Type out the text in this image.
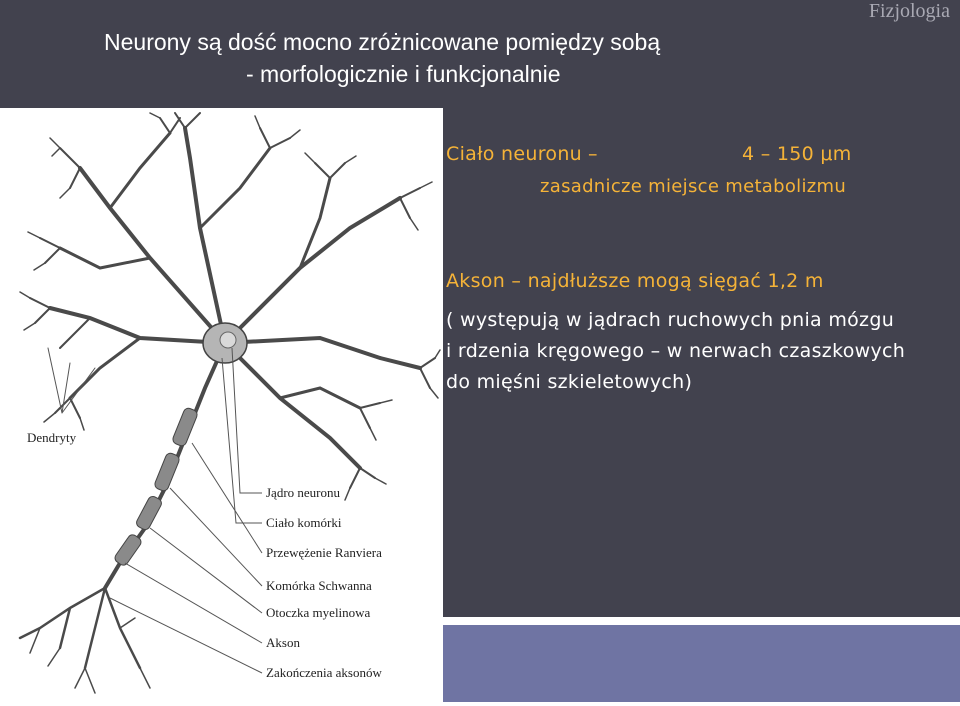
Neurony są dość mocno zróżnicowane pomiędzy sobą
- morfologicznie i funkcjonalnie
Fizjologia
Ciało neuronu –	4 – 150 μm
zasadnicze miejsce metabolizmu
Akson – najdłuższe mogą sięgać 1,2 m
( występują w jądrach ruchowych pnia mózgu
i rdzenia kręgowego – w nerwach czaszkowych
do mięśni szkieletowych)
Dendryty
Jądro neuronu
Ciało komórki
Przewężenie Ranviera
Komórka Schwanna
Otoczka myelinowa
Akson
Zakończenia aksonów
